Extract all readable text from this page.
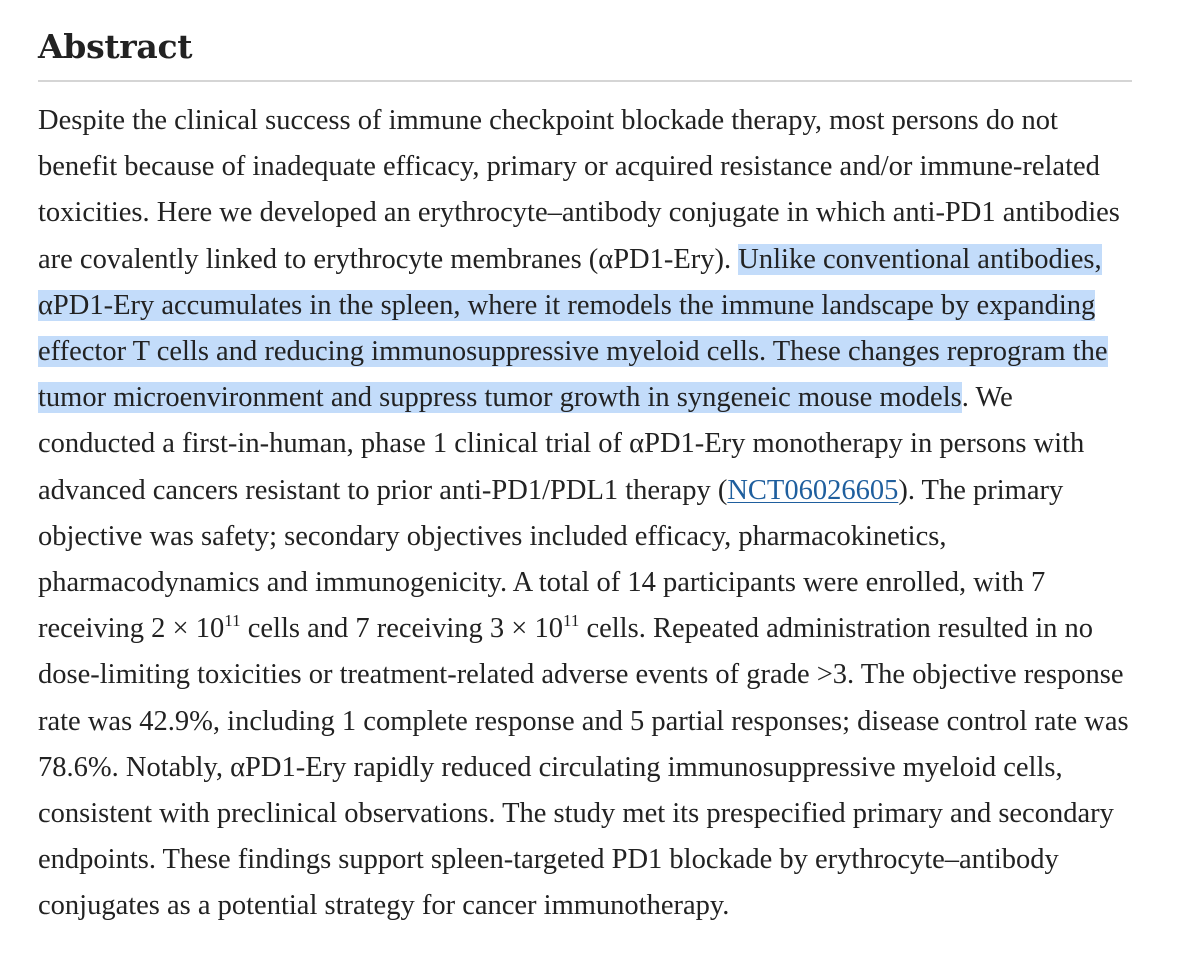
Abstract

Despite the clinical success of immune checkpoint blockade therapy, most persons do not benefit because of inadequate efficacy, primary or acquired resistance and/or immune-related toxicities. Here we developed an erythrocyte–antibody conjugate in which anti-PD1 antibodies are covalently linked to erythrocyte membranes (αPD1-Ery). Unlike conventional antibodies, αPD1-Ery accumulates in the spleen, where it remodels the immune landscape by expanding effector T cells and reducing immunosuppressive myeloid cells. These changes reprogram the tumor microenvironment and suppress tumor growth in syngeneic mouse models. We conducted a first-in-human, phase 1 clinical trial of αPD1-Ery monotherapy in persons with advanced cancers resistant to prior anti-PD1/PDL1 therapy (NCT06026605). The primary objective was safety; secondary objectives included efficacy, pharmacokinetics, pharmacodynamics and immunogenicity. A total of 14 participants were enrolled, with 7 receiving $2 \times 10^{11}$ cells and 7 receiving $3 \times 10^{11}$ cells. Repeated administration resulted in no dose-limiting toxicities or treatment-related adverse events of grade >3. The objective response rate was 42.9%, including 1 complete response and 5 partial responses; disease control rate was 78.6%. Notably, αPD1-Ery rapidly reduced circulating immunosuppressive myeloid cells, consistent with preclinical observations. The study met its prespecified primary and secondary endpoints. These findings support spleen-targeted PD1 blockade by erythrocyte–antibody conjugates as a potential strategy for cancer immunotherapy.
